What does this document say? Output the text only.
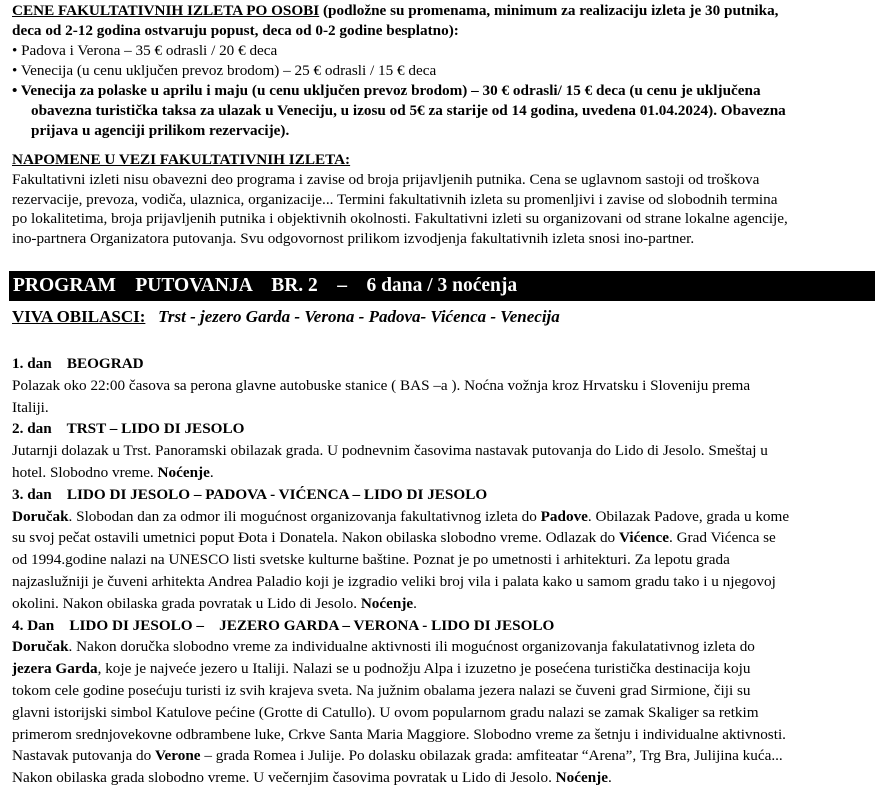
CENE FAKULTATIVNIH IZLETA PO OSOBI (podložne su promenama, minimum za realizaciju izleta je 30 putnika,
deca od 2-12 godina ostvaruju popust, deca od 0-2 godine besplatno):
• Padova i Verona – 35 € odrasli / 20 € deca
• Venecija (u cenu uključen prevoz brodom) – 25 € odrasli / 15 € deca
• Venecija za polaske u aprilu i maju (u cenu uključen prevoz brodom) – 30 € odrasli/ 15 € deca (u cenu je uključena
obavezna turistička taksa za ulazak u Veneciju, u izosu od 5€ za starije od 14 godina, uvedena 01.04.2024). Obavezna
prijava u agenciji prilikom rezervacije).
NAPOMENE U VEZI FAKULTATIVNIH IZLETA:
Fakultativni izleti nisu obavezni deo programa i zavise od broja prijavljenih putnika. Cena se uglavnom sastoji od troškova
rezervacije, prevoza, vodiča, ulaznica, organizacije... Termini fakultativnih izleta su promenljivi i zavise od slobodnih termina
po lokalitetima, broja prijavljenih putnika i objektivnih okolnosti. Fakultativni izleti su organizovani od strane lokalne agencije,
ino-partnera Organizatora putovanja. Svu odgovornost prilikom izvodjenja fakultativnih izleta snosi ino-partner.
PROGRAM    PUTOVANJA    BR. 2    –    6 dana / 3 noćenja
VIVA OBILASCI:   Trst - jezero Garda - Verona - Padova- Vićenca - Venecija
1. dan    BEOGRAD
Polazak oko 22:00 časova sa perona glavne autobuske stanice ( BAS –a ). Noćna vožnja kroz Hrvatsku i Sloveniju prema
Italiji.
2. dan    TRST – LIDO DI JESOLO
Jutarnji dolazak u Trst. Panoramski obilazak grada. U podnevnim časovima nastavak putovanja do Lido di Jesolo. Smeštaj u
hotel. Slobodno vreme. Noćenje.
3. dan    LIDO DI JESOLO – PADOVA - VIĆENCA – LIDO DI JESOLO
Doručak. Slobodan dan za odmor ili mogućnost organizovanja fakultativnog izleta do Padove. Obilazak Padove, grada u kome
su svoj pečat ostavili umetnici poput Đota i Donatela. Nakon obilaska slobodno vreme. Odlazak do Vićence. Grad Vićenca se
od 1994.godine nalazi na UNESCO listi svetske kulturne baštine. Poznat je po umetnosti i arhitekturi. Za lepotu grada
najzaslužniji je čuveni arhitekta Andrea Paladio koji je izgradio veliki broj vila i palata kako u samom gradu tako i u njegovoj
okolini. Nakon obilaska grada povratak u Lido di Jesolo. Noćenje.
4. Dan    LIDO DI JESOLO –    JEZERO GARDA – VERONA - LIDO DI JESOLO
Doručak. Nakon doručka slobodno vreme za individualne aktivnosti ili mogućnost organizovanja fakulatativnog izleta do
jezera Garda, koje je najveće jezero u Italiji. Nalazi se u podnožju Alpa i izuzetno je posećena turistička destinacija koju
tokom cele godine posećuju turisti iz svih krajeva sveta. Na južnim obalama jezera nalazi se čuveni grad Sirmione, čiji su
glavni istorijski simbol Katulove pećine (Grotte di Catullo). U ovom popularnom gradu nalazi se zamak Skaliger sa retkim
primerom srednjovekovne odbrambene luke, Crkve Santa Maria Maggiore. Slobodno vreme za šetnju i individualne aktivnosti.
Nastavak putovanja do Verone – grada Romea i Julije. Po dolasku obilazak grada: amfiteatar “Arena”, Trg Bra, Julijina kuća...
Nakon obilaska grada slobodno vreme. U večernjim časovima povratak u Lido di Jesolo. Noćenje.
